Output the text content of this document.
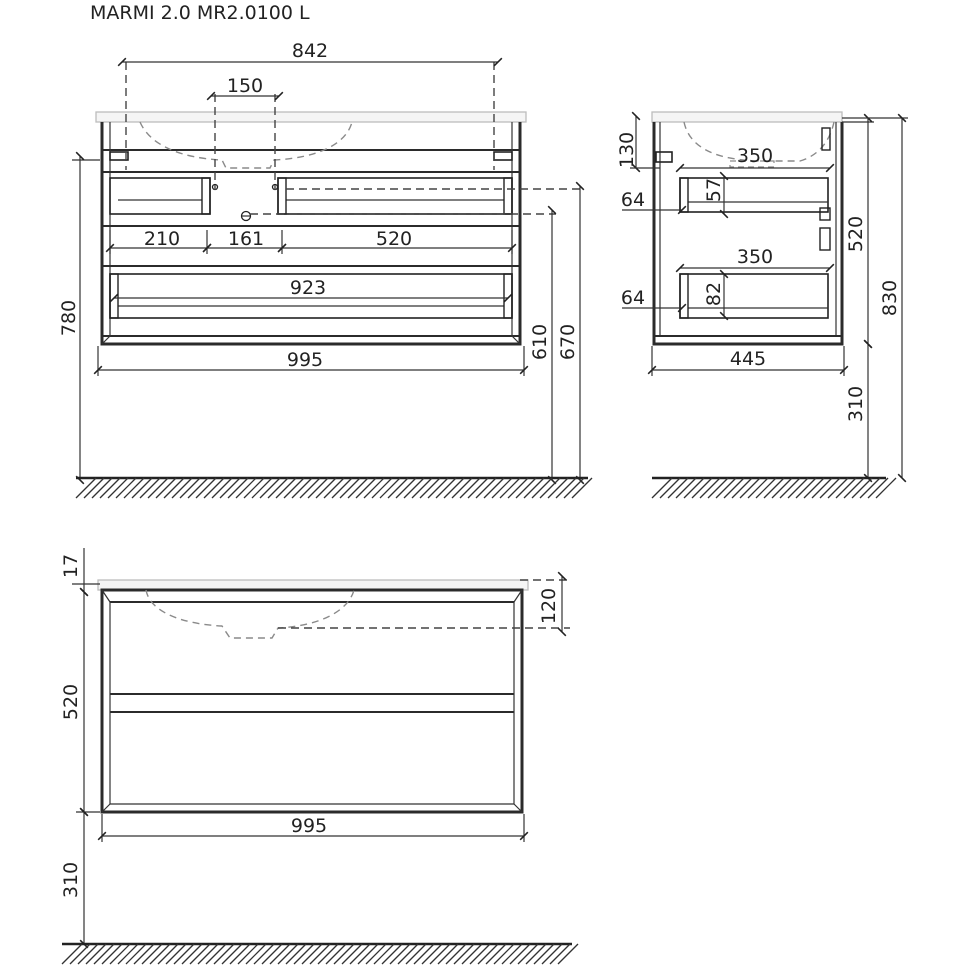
MARMI 2.0 MR2.0100 L
842
150
210	161	520
923
995
780
610 670
130	350
64	57
350
64	82
520
830
445
310
17
120
520
995
310
